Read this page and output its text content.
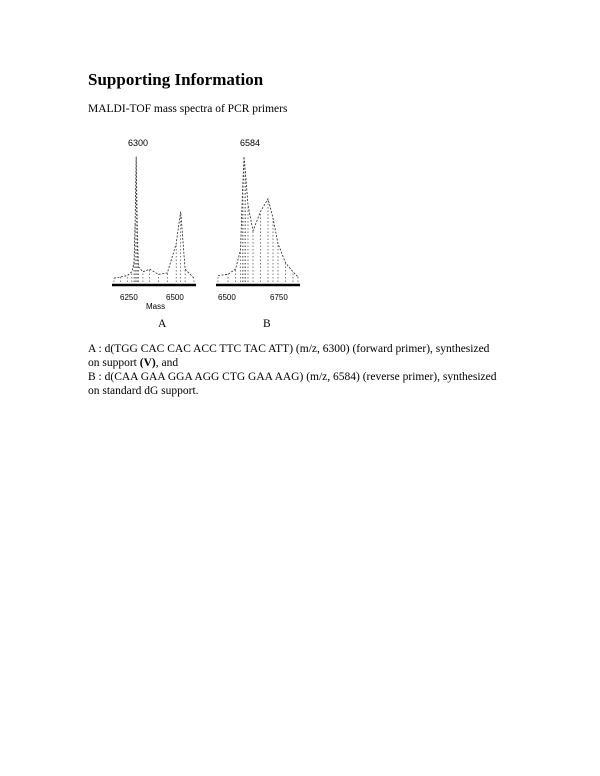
Supporting Information
MALDI-TOF mass spectra of PCR primers
6300
6250	6500
Mass
6584
6500	6750
A	B

A : d(TGG CAC CAC ACC TTC TAC ATT) (m/z, 6300) (forward primer), synthesized

on support (V), and

B : d(CAA GAA GGA AGG CTG GAA AAG) (m/z, 6584) (reverse primer), synthesized

on standard dG support.
